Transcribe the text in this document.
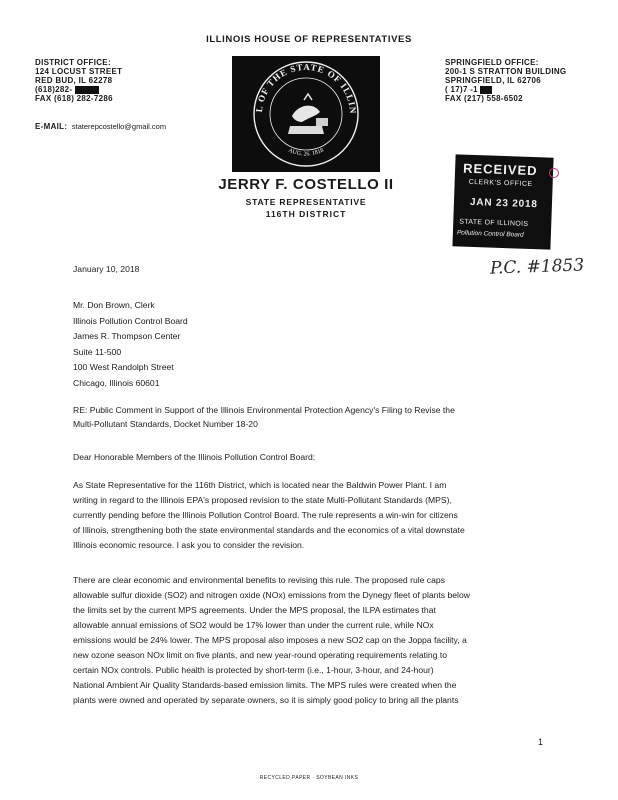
ILLINOIS HOUSE OF REPRESENTATIVES
DISTRICT OFFICE:
124 LOCUST STREET
RED BUD, IL 62278
(618)282-
FAX (618) 282-7286
E-MAIL: staterepcostello@gmail.com
SPRINGFIELD OFFICE:
200-1 S STRATTON BUILDING
SPRINGFIELD, IL 62706
( 17)7 -1
FAX (217) 558-6502
L OF THE STATE OF ILLIN
AUG. 26. 1818
JERRY F. COSTELLO II
STATE REPRESENTATIVE
116TH DISTRICT
RECEIVED
CLERK'S OFFICE
JAN 23 2018
STATE OF ILLINOIS
Pollution Control Board
P.C. #1853
January 10, 2018
Mr. Don Brown, Clerk
Illinois Pollution Control Board
James R. Thompson Center
Suite 11-500
100 West Randolph Street
Chicago, Illinois 60601
RE: Public Comment in Support of the Illinois Environmental Protection Agency's Filing to Revise the
Multi-Pollutant Standards, Docket Number 18-20
Dear Honorable Members of the Illinois Pollution Control Board:
As State Representative for the 116th District, which is located near the Baldwin Power Plant. I am
writing in regard to the Illinois EPA's proposed revision to the state Multi-Pollutant Standards (MPS),
currently pending before the Illinois Pollution Control Board. The rule represents a win-win for citizens
of Illinois, strengthening both the state environmental standards and the economics of a vital downstate
Illinois economic resource. I ask you to consider the revision.
There are clear economic and environmental benefits to revising this rule. The proposed rule caps
allowable sulfur dioxide (SO2) and nitrogen oxide (NOx) emissions from the Dynegy fleet of plants below
the limits set by the current MPS agreements. Under the MPS proposal, the ILPA estimates that
allowable annual emissions of SO2 would be 17% lower than under the current rule, while NOx
emissions would be 24% lower. The MPS proposal also imposes a new SO2 cap on the Joppa facility, a
new ozone season NOx limit on five plants, and new year-round operating requirements relating to
certain NOx controls. Public health is protected by short-term (i.e., 1-hour, 3-hour, and 24-hour)
National Ambient Air Quality Standards-based emission limits. The MPS rules were created when the
plants were owned and operated by separate owners, so it is simply good policy to bring all the plants
1
RECYCLED PAPER · SOYBEAN INKS
